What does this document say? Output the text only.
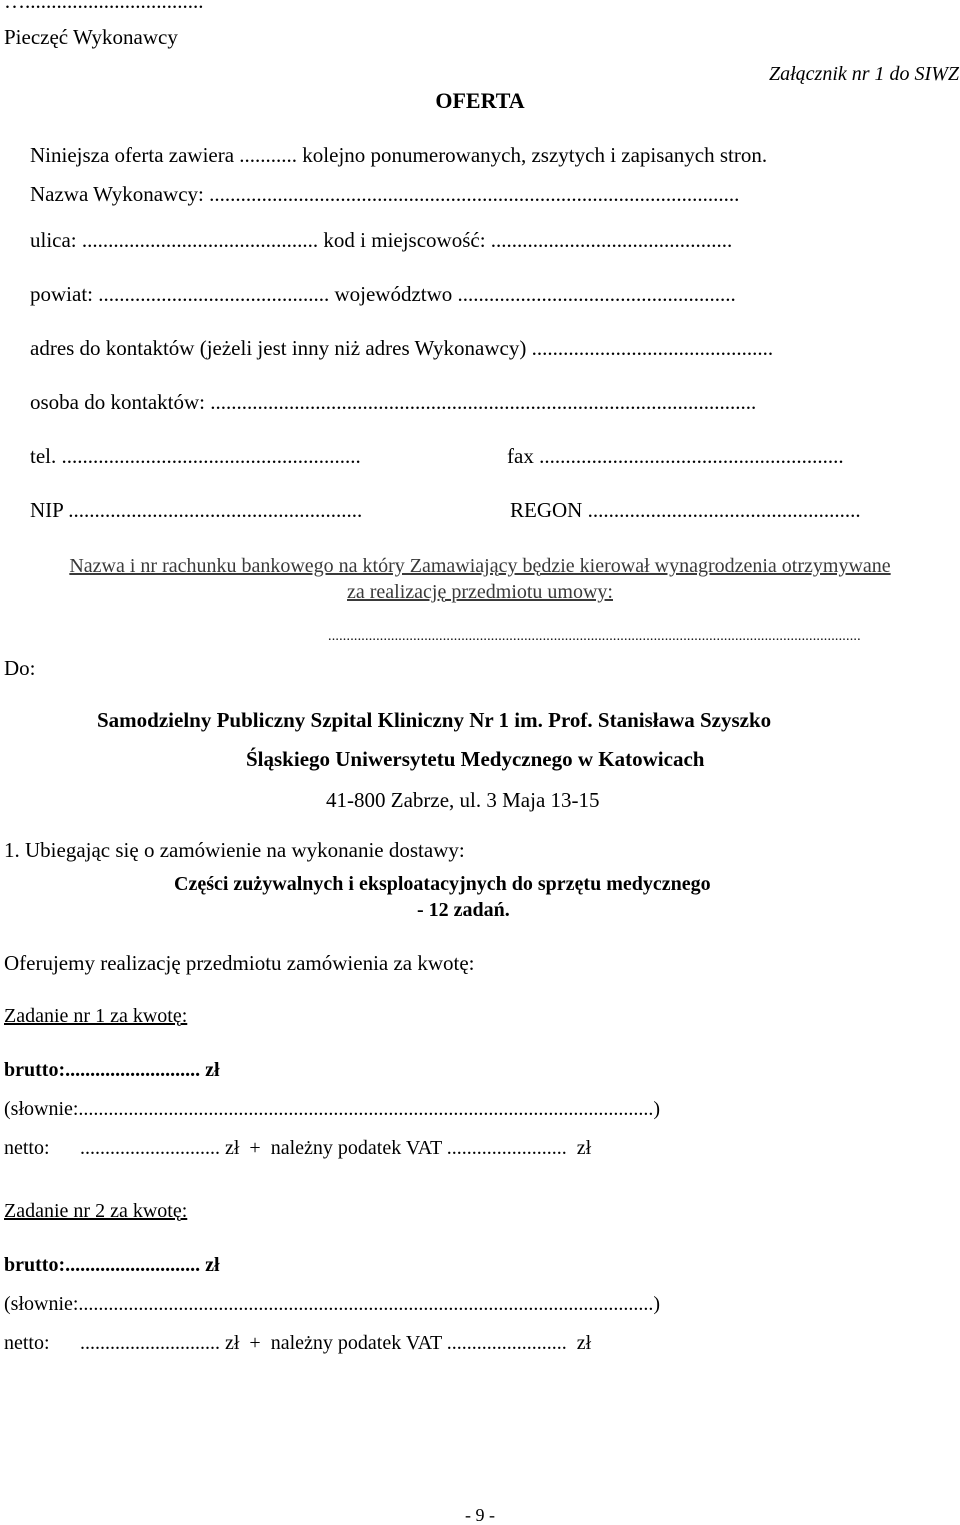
…..................................
Pieczęć Wykonawcy
Załącznik nr 1 do SIWZ
OFERTA
Niniejsza oferta zawiera ........... kolejno ponumerowanych, zszytych i zapisanych stron.
Nazwa Wykonawcy: .....................................................................................................
ulica: ............................................. kod i miejscowość: ..............................................
powiat: ............................................ województwo .....................................................
adres do kontaktów (jeżeli jest inny niż adres Wykonawcy) ..............................................
osoba do kontaktów: ........................................................................................................
tel. .........................................................	fax ..........................................................
NIP ........................................................	REGON ....................................................
Nazwa i nr rachunku bankowego na który Zamawiający będzie kierował wynagrodzenia otrzymywane
za realizację przedmiotu umowy:
................................................................................................................................................
Do:
Samodzielny Publiczny Szpital Kliniczny Nr 1 im. Prof. Stanisława Szyszko
Śląskiego Uniwersytetu Medycznego w Katowicach
41-800 Zabrze, ul. 3 Maja 13-15
1. Ubiegając się o zamówienie na wykonanie dostawy:
Części zużywalnych i eksploatacyjnych do sprzętu medycznego
- 12 zadań.
Oferujemy realizację przedmiotu zamówienia za kwotę:
Zadanie nr 1 za kwotę:
brutto:........................... zł
(słownie:...................................................................................................................)
netto: ............................ zł  +  należny podatek VAT ........................  zł
Zadanie nr 2 za kwotę:
brutto:........................... zł
(słownie:...................................................................................................................)
netto: ............................ zł  +  należny podatek VAT ........................  zł
- 9 -
